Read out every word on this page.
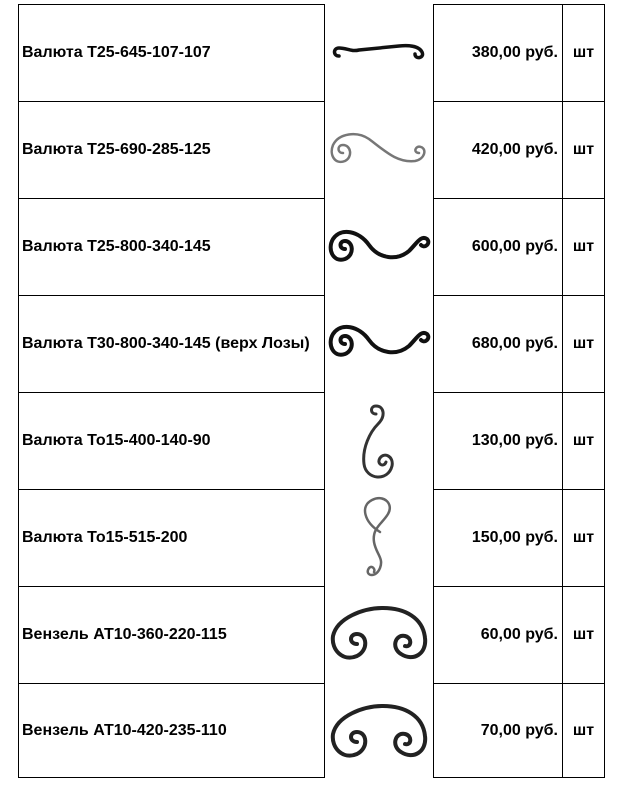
Валюта Т25-645-107-107	380,00 руб. шт
Валюта Т25-690-285-125	420,00 руб. шт
Валюта Т25-800-340-145	600,00 руб. шт
Валюта Т30-800-340-145 (верх Лозы)	680,00 руб. шт
Валюта То15-400-140-90	130,00 руб. шт
Валюта То15-515-200	150,00 руб. шт
Вензель АТ10-360-220-115	60,00 руб. шт
Вензель АТ10-420-235-110	70,00 руб. шт
